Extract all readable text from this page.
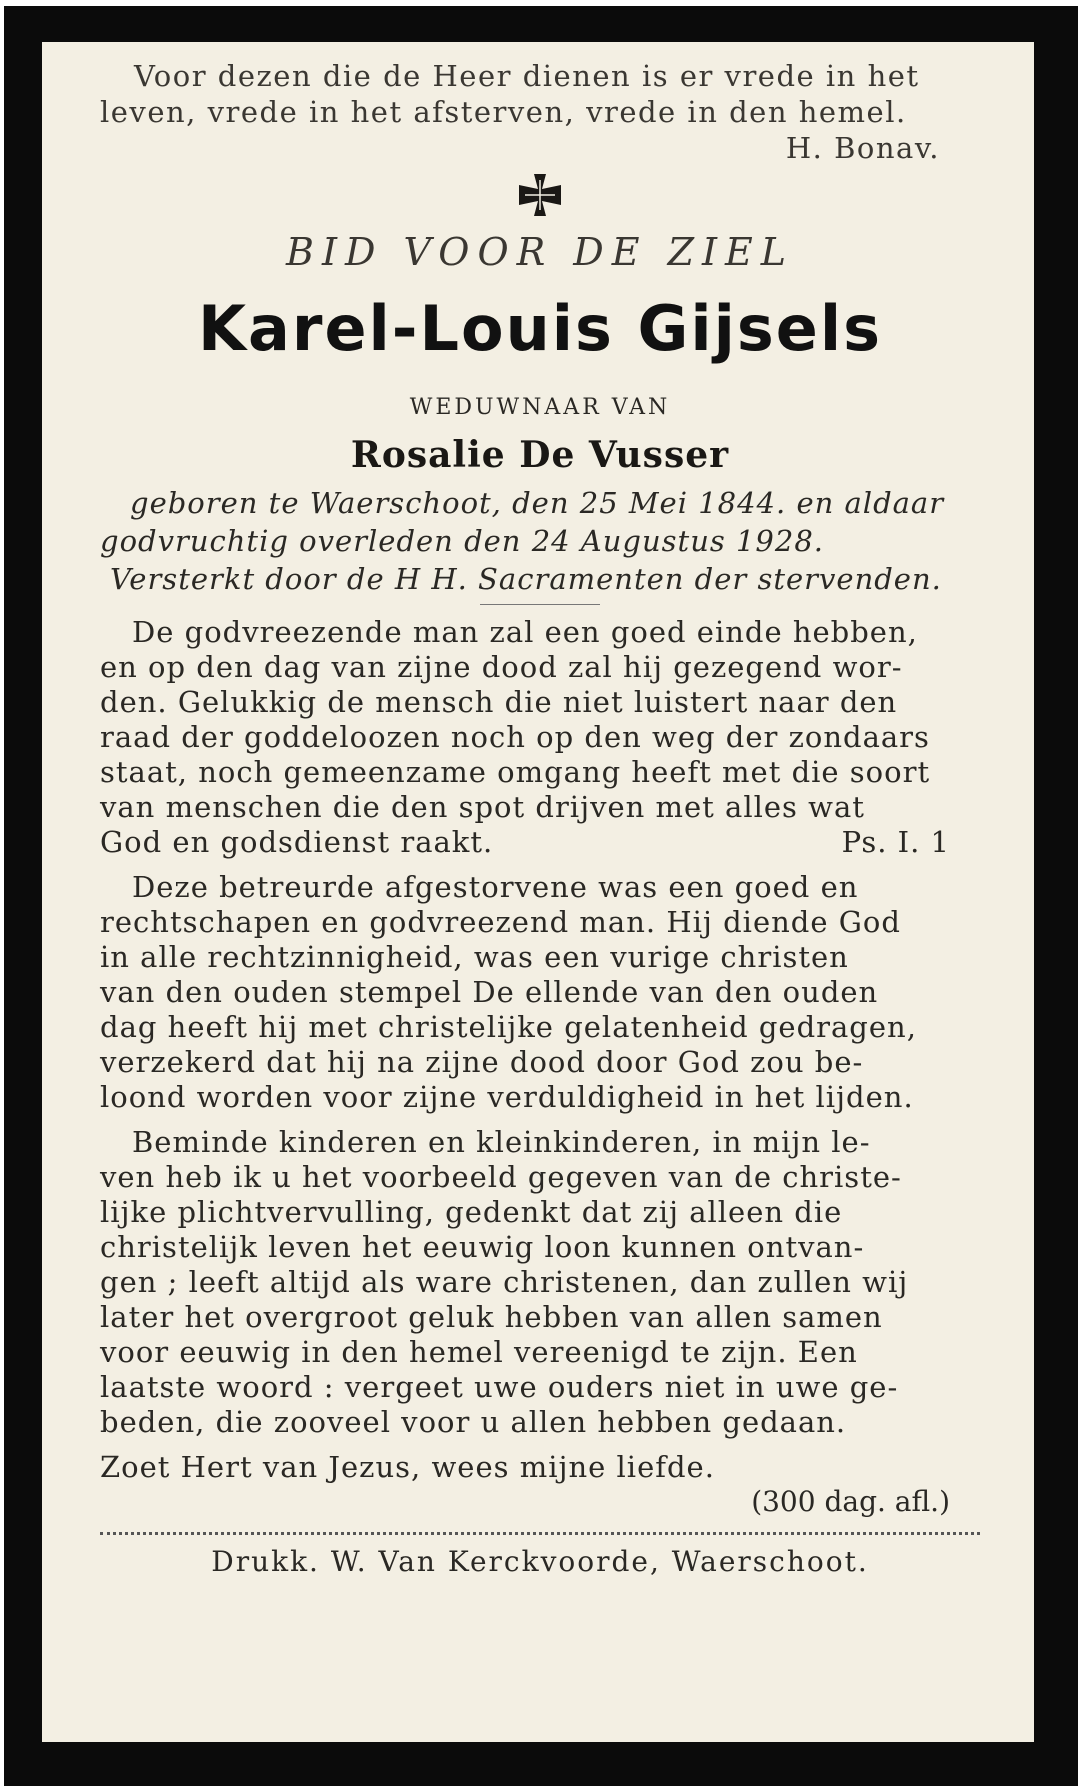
Voor dezen die de Heer dienen is er vrede in het
leven, vrede in het afsterven, vrede in den hemel.
H. Bonav.
BID VOOR DE ZIEL
Karel-Louis Gijsels
WEDUWNAAR VAN
Rosalie De Vusser
geboren te Waerschoot, den 25 Mei 1844. en aldaar
godvruchtig overleden den 24 Augustus 1928.
Versterkt door de H H. Sacramenten der stervenden.
De godvreezende man zal een goed einde hebben,
en op den dag van zijne dood zal hij gezegend wor-
den. Gelukkig de mensch die niet luistert naar den
raad der goddeloozen noch op den weg der zondaars
staat, noch gemeenzame omgang heeft met die soort
van menschen die den spot drijven met alles wat
God en godsdienst raakt.	Ps. I. 1
Deze betreurde afgestorvene was een goed en
rechtschapen en godvreezend man. Hij diende God
in alle rechtzinnigheid, was een vurige christen
van den ouden stempel De ellende van den ouden
dag heeft hij met christelijke gelatenheid gedragen,
verzekerd dat hij na zijne dood door God zou be-
loond worden voor zijne verduldigheid in het lijden.
Beminde kinderen en kleinkinderen, in mijn le-
ven heb ik u het voorbeeld gegeven van de christe-
lijke plichtvervulling, gedenkt dat zij alleen die
christelijk leven het eeuwig loon kunnen ontvan-
gen ; leeft altijd als ware christenen, dan zullen wij
later het overgroot geluk hebben van allen samen
voor eeuwig in den hemel vereenigd te zijn. Een
laatste woord : vergeet uwe ouders niet in uwe ge-
beden, die zooveel voor u allen hebben gedaan.
Zoet Hert van Jezus, wees mijne liefde.
(300 dag. afl.)
Drukk. W. Van Kerckvoorde, Waerschoot.
